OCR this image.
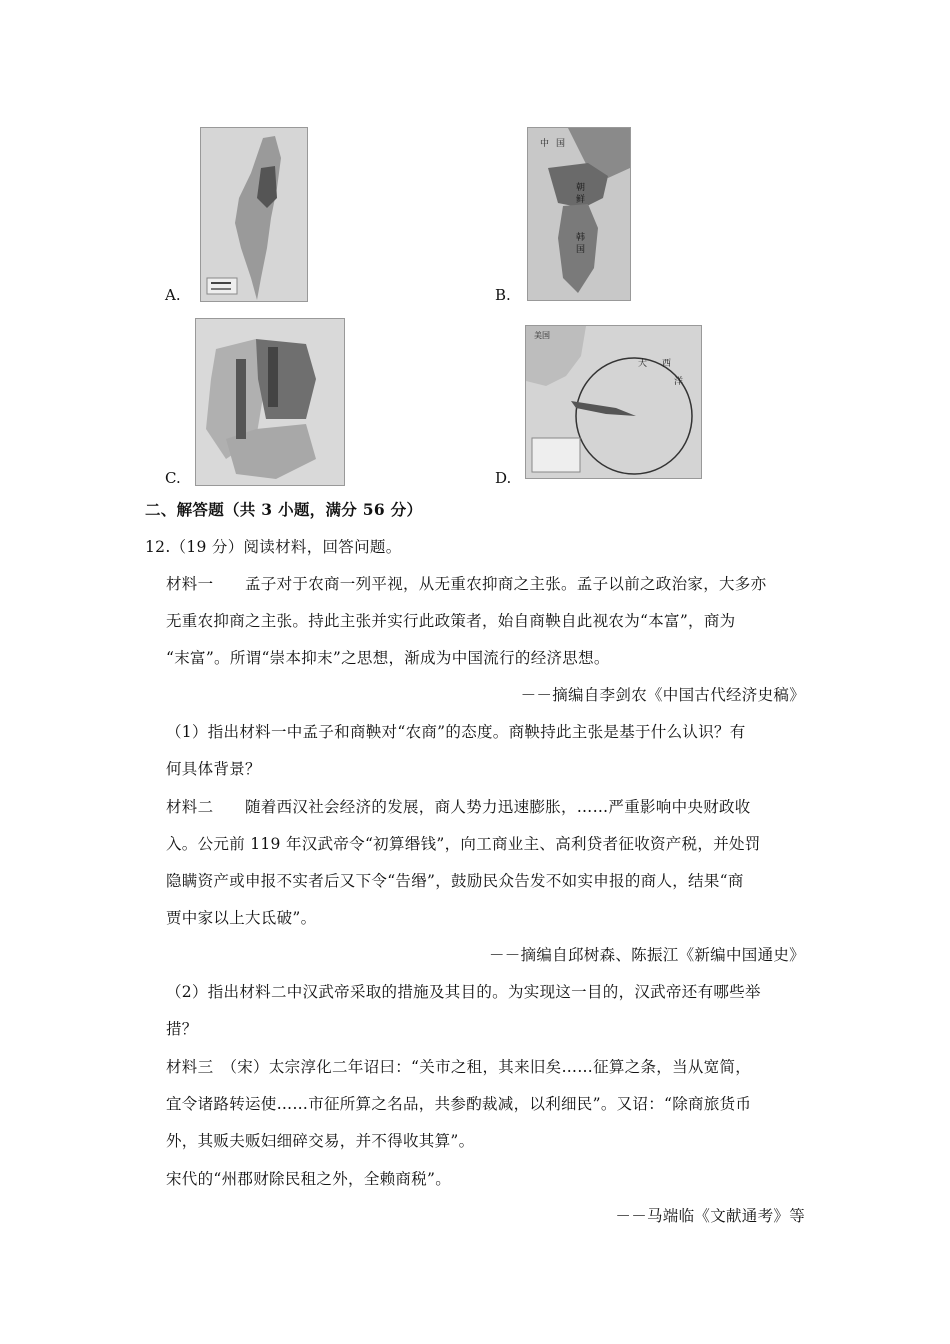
A.
中 国
朝
鲜
韩
国
B.
C.
美国
大 西
洋
D.
二、解答题（共 3 小题，满分 56 分）
12.（19 分）阅读材料，回答问题。
材料一　　孟子对于农商一列平视，从无重农抑商之主张。孟子以前之政治家，大多亦
无重农抑商之主张。持此主张并实行此政策者，始自商鞅自此视农为“本富”，商为
“末富”。所谓“崇本抑末”之思想，渐成为中国流行的经济思想。
－－摘编自李剑农《中国古代经济史稿》
（1）指出材料一中孟子和商鞅对“农商”的态度。商鞅持此主张是基于什么认识？有
何具体背景？
材料二　　随着西汉社会经济的发展，商人势力迅速膨胀，……严重影响中央财政收
入。公元前 119 年汉武帝令“初算缗钱”，向工商业主、高利贷者征收资产税，并处罚
隐瞒资产或申报不实者后又下令“告缗”，鼓励民众告发不如实申报的商人，结果“商
贾中家以上大氐破”。
－－摘编自邱树森、陈振江《新编中国通史》
（2）指出材料二中汉武帝采取的措施及其目的。为实现这一目的，汉武帝还有哪些举
措？
材料三　（宋）太宗淳化二年诏曰：“关市之租，其来旧矣……征算之条，当从宽简，
宜令诸路转运使……市征所算之名品，共参酌裁减，以利细民”。又诏：“除商旅货币
外，其贩夫贩妇细碎交易，并不得收其算”。
宋代的“州郡财除民租之外，全赖商税”。
－－马端临《文献通考》等
